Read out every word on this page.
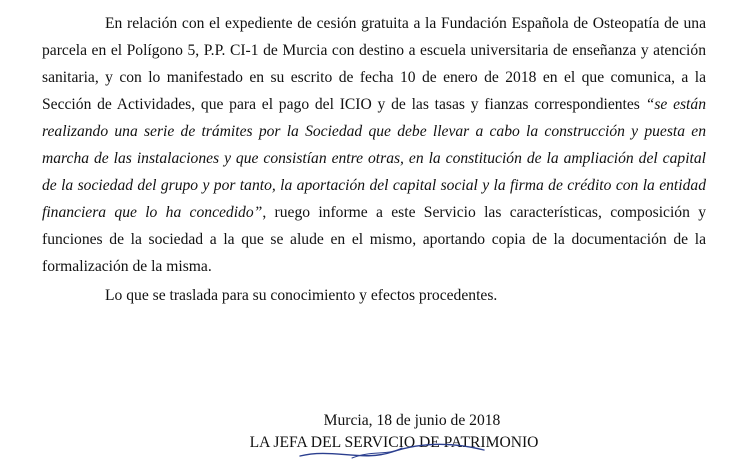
En relación con el expediente de cesión gratuita a la Fundación Española de Osteopatía de una parcela en el Polígono 5, P.P. CI-1 de Murcia con destino a escuela universitaria de enseñanza y atención sanitaria, y con lo manifestado en su escrito de fecha 10 de enero de 2018 en el que comunica, a la Sección de Actividades, que para el pago del ICIO y de las tasas y fianzas correspondientes “se están realizando una serie de trámites por la Sociedad que debe llevar a cabo la construcción y puesta en marcha de las instalaciones y que consistían entre otras, en la constitución de la ampliación del capital de la sociedad del grupo y por tanto, la aportación del capital social y la firma de crédito con la entidad financiera que lo ha concedido”, ruego informe a este Servicio las características, composición y funciones de la sociedad a la que se alude en el mismo, aportando copia de la documentación de la formalización de la misma.

Lo que se traslada para su conocimiento y efectos procedentes.

Murcia, 18 de junio de 2018
LA JEFA DEL SERVICIO DE PATRIMONIO
